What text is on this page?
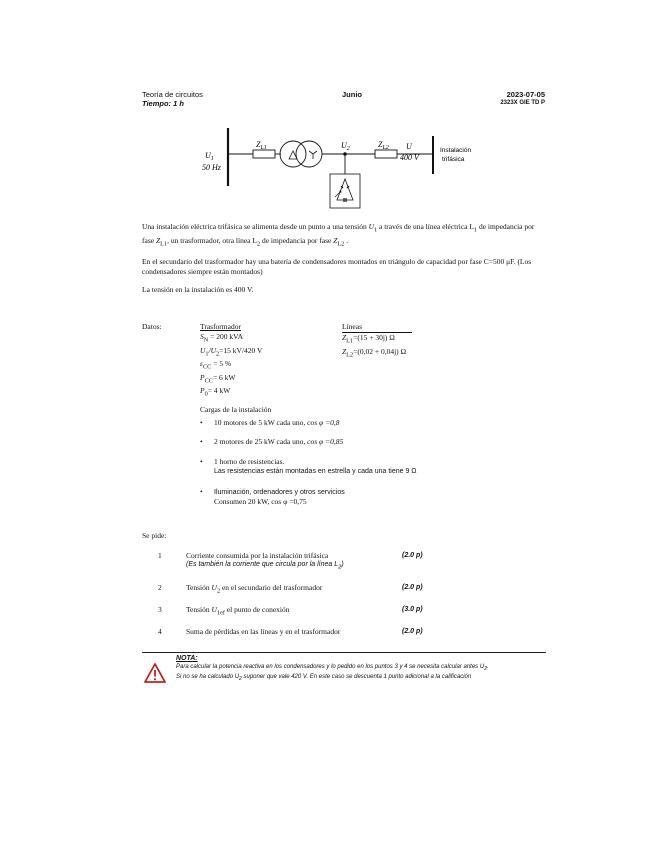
Teoría de circuitos
Tiempo: 1 h
Junio	2023-07-05
2323X GIE TD P
$U_1$
50 Hz
$Z_{L1}$	$U_2$	$Z_{L2}$ U
400 V
Instalación
trifásica

Una instalación eléctrica trifásica se alimenta desde un punto a una tensión $U_1$ a través de una línea eléctrica $L_1$ de impedancia por fase $Z_{L1}$, un trasformador, otra línea $L_2$ de impedancia por fase $Z_{L2}$ .

En el secundario del trasformador hay una batería de condensadores montados en triángulo de capacidad por fase C=500 μF. (Los condensadores siempre están montados)

La tensión en la instalación es 400 V.

Datos:	Trasformador
$S_N = 200$ kVA
$U_1/U_2=15$ kV/420 V
$\varepsilon_{CC} = 5$ %
$P_{CC}= 6$ kW
$P_0= 4$ kW
Líneas
$Z_{L1}=(15 + 30j)$ Ω
$Z_{L2}=(0,02 + 0,04j)$ Ω
Cargas de la instalación
• 10 motores de 5 kW cada uno, cos φ =0,8
• 2 motores de 25 kW cada uno, cos φ =0,85
• 1 horno de resistencias.
Las resistencias están montadas en estrella y cada una tiene 9 Ω
• Iluminación, ordenadores y otros servicios
Consumen 20 kW, cos φ =0,75
Se pide:
1	Corriente consumida por la instalación trifásica
(Es también la corriente que circula por la línea $L_2$)
(2.0 p)
2	Tensión $U_2$ en el secundario del trasformador	(2.0 p)
3	Tensión $U_{1ef}$ el punto de conexión	(3.0 p)
4	Suma de pérdidas en las líneas y en el trasformador	(2.0 p)
NOTA:
Para calcular la potencia reactiva en los condensadores y lo pedido en los puntos 3 y 4 se necesita calcular antes $U_2$.
Si no se ha calculado $U_2$ suponer que vale 420 V. En este caso se descuenta 1 punto adicional a la calificación
